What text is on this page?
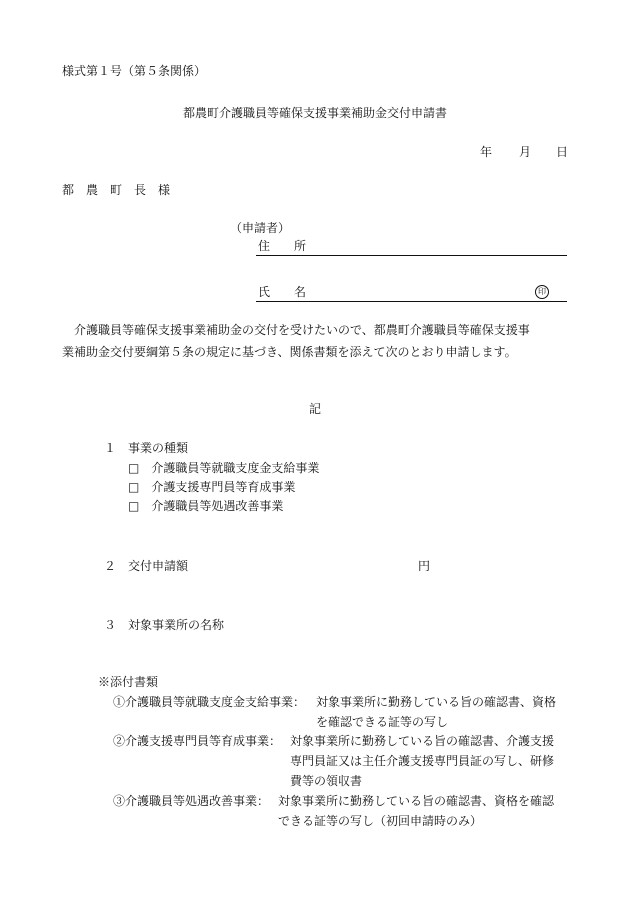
様式第１号（第５条関係）
都農町介護職員等確保支援事業補助金交付申請書
年 月 日
都　農　町　長　様
（申請者）
住　　所
氏　　名	印
介護職員等確保支援事業補助金の交付を受けたいので、都農町介護職員等確保支援事
業補助金交付要綱第５条の規定に基づき、関係書類を添えて次のとおり申請します。
記
１ 事業の種類
□ 介護職員等就職支度金支給事業
□ 介護支援専門員等育成事業
□ 介護職員等処遇改善事業
２ 交付申請額	円
３ 対象事業所の名称
※添付書類
①介護職員等就職支度金支給事業： 対象事業所に勤務している旨の確認書、資格
を確認できる証等の写し
②介護支援専門員等育成事業： 対象事業所に勤務している旨の確認書、介護支援
専門員証又は主任介護支援専門員証の写し、研修
費等の領収書
③介護職員等処遇改善事業： 対象事業所に勤務している旨の確認書、資格を確認
できる証等の写し（初回申請時のみ）
